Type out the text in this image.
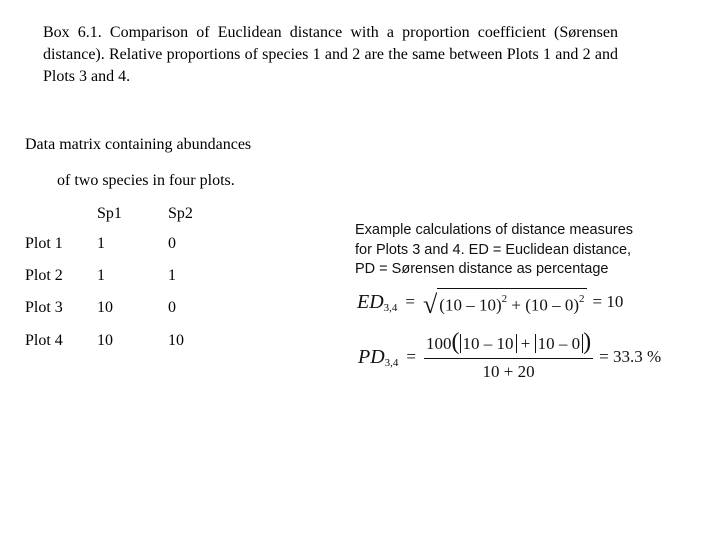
Box 6.1. Comparison of Euclidean distance with a proportion coefficient (Sørensen distance). Relative proportions of species 1 and 2 are the same between Plots 1 and 2 and Plots 3 and 4.
Data matrix containing abundances
of two species in four plots.
Sp1	Sp2
Plot 1 1	0
Plot 2 1	1
Plot 3 10	0
Plot 4 10	10
Example calculations of distance measures
for Plots 3 and 4. ED = Euclidean distance,
PD = Sørensen distance as percentage
ED 3,4 = √ (10 – 10)$^2$ + (10 – 0)$^2$ = 10
PD $3,4 = \frac{100( 10 - 10 + 10 - 0 )}{10 + 20} = 33.3$ %
